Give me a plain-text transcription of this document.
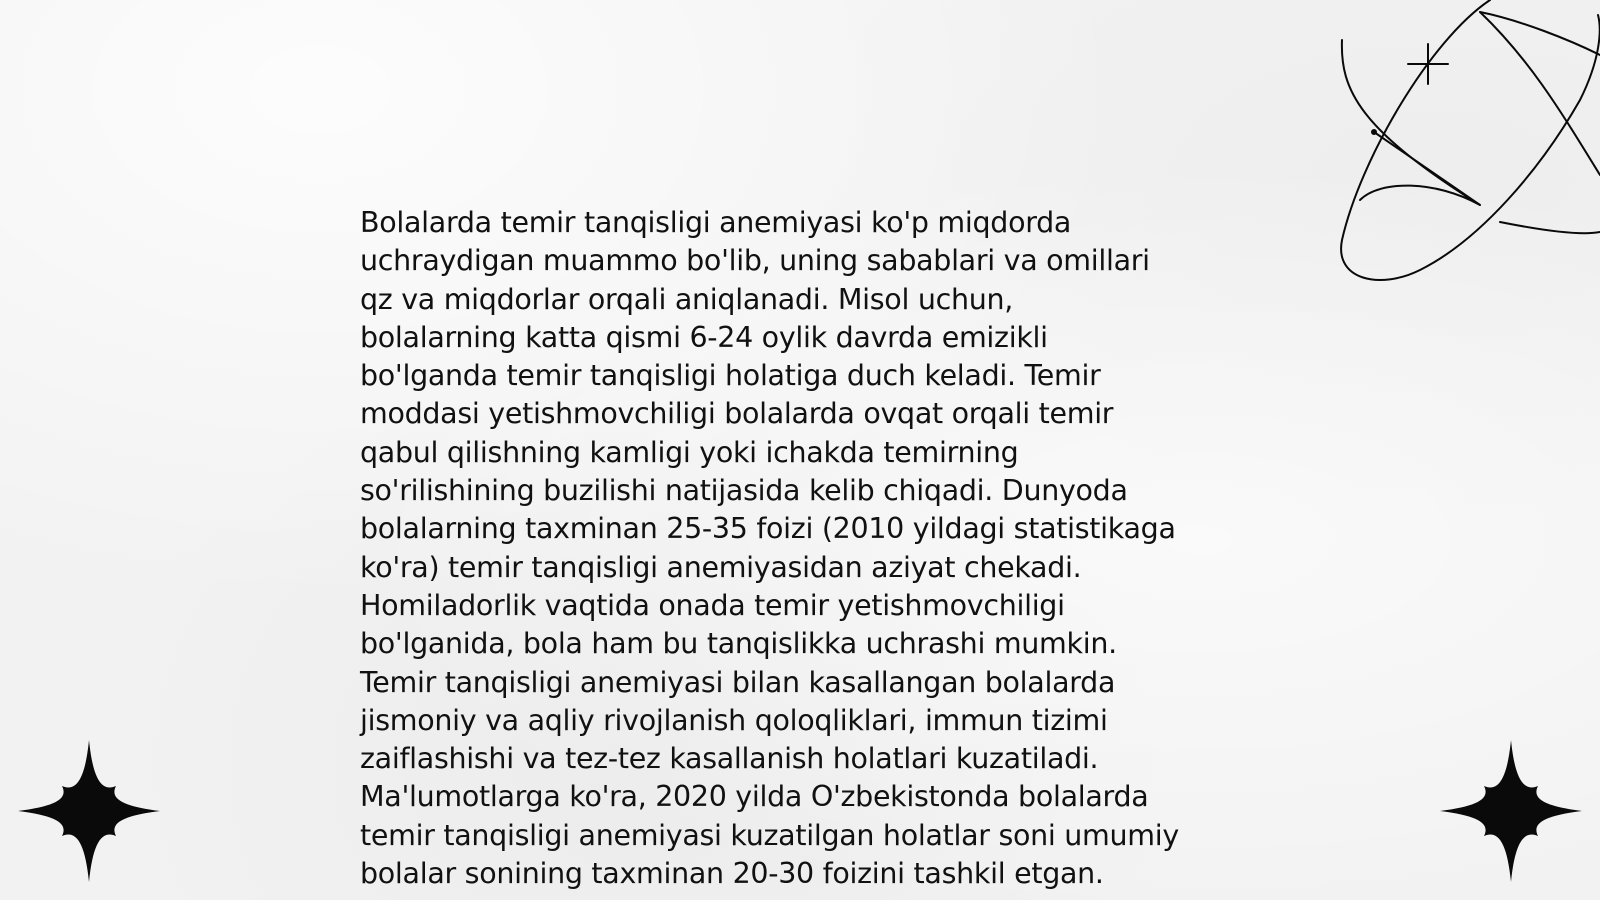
Bolalarda temir tanqisligi anemiyasi ko'p miqdorda
uchraydigan muammo bo'lib, uning sabablari va omillari
qz va miqdorlar orqali aniqlanadi. Misol uchun,
bolalarning katta qismi 6-24 oylik davrda emizikli
bo'lganda temir tanqisligi holatiga duch keladi. Temir
moddasi yetishmovchiligi bolalarda ovqat orqali temir
qabul qilishning kamligi yoki ichakda temirning
so'rilishining buzilishi natijasida kelib chiqadi. Dunyoda
bolalarning taxminan 25-35 foizi (2010 yildagi statistikaga
ko'ra) temir tanqisligi anemiyasidan aziyat chekadi.
Homiladorlik vaqtida onada temir yetishmovchiligi
bo'lganida, bola ham bu tanqislikka uchrashi mumkin.
Temir tanqisligi anemiyasi bilan kasallangan bolalarda
jismoniy va aqliy rivojlanish qoloqliklari, immun tizimi
zaiflashishi va tez-tez kasallanish holatlari kuzatiladi.
Ma'lumotlarga ko'ra, 2020 yilda O'zbekistonda bolalarda
temir tanqisligi anemiyasi kuzatilgan holatlar soni umumiy
bolalar sonining taxminan 20-30 foizini tashkil etgan.
